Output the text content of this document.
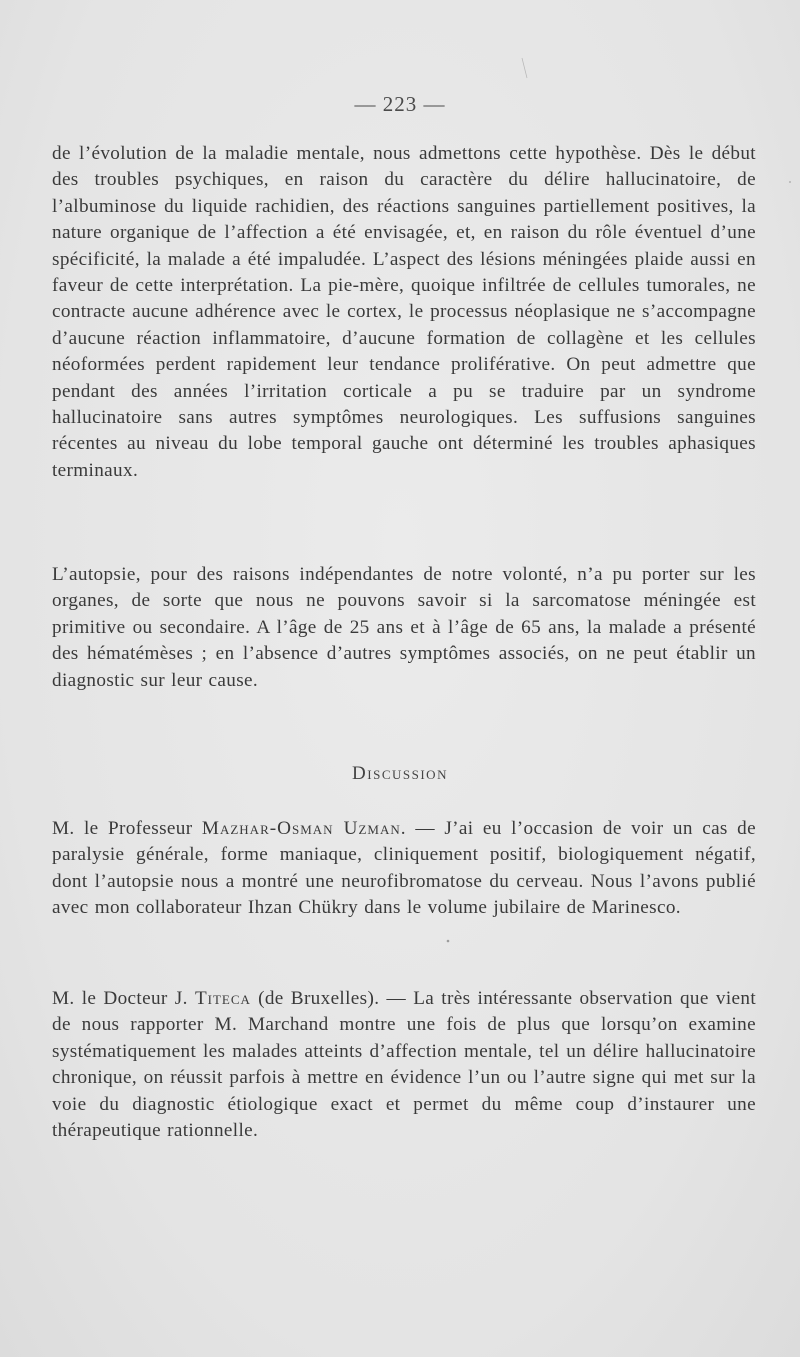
— 223 —

de l’évolution de la maladie mentale, nous admettons cette hypothèse. Dès le début des troubles psychiques, en raison du caractère du délire hallucinatoire, de l’albuminose du liquide rachidien, des réactions sanguines partiellement positives, la nature organique de l’affection a été envisagée, et, en raison du rôle éventuel d’une spécificité, la malade a été impaludée. L’aspect des lésions méningées plaide aussi en faveur de cette interprétation. La pie-mère, quoique infiltrée de cellules tumorales, ne contracte aucune adhérence avec le cortex, le processus néoplasique ne s’accompagne d’aucune réaction inflammatoire, d’aucune formation de collagène et les cellules néoformées perdent rapidement leur tendance proliférative. On peut admettre que pendant des années l’irritation corticale a pu se traduire par un syndrome hallucinatoire sans autres symptômes neurologiques. Les suffusions sanguines récentes au niveau du lobe temporal gauche ont déterminé les troubles aphasiques terminaux.

L’autopsie, pour des raisons indépendantes de notre volonté, n’a pu porter sur les organes, de sorte que nous ne pouvons savoir si la sarcomatose méningée est primitive ou secondaire. A l’âge de 25 ans et à l’âge de 65 ans, la malade a présenté des hématémèses ; en l’absence d’autres symptômes associés, on ne peut établir un diagnostic sur leur cause.

Discussion

M. le Professeur Mazhar-Osman Uzman. — J’ai eu l’occasion de voir un cas de paralysie générale, forme maniaque, cliniquement positif, biologiquement négatif, dont l’autopsie nous a montré une neurofibromatose du cerveau. Nous l’avons publié avec mon collaborateur Ihzan Chükry dans le volume jubilaire de Marinesco.

M. le Docteur J. Titeca (de Bruxelles). — La très intéressante observation que vient de nous rapporter M. Marchand montre une fois de plus que lorsqu’on examine systématiquement les malades atteints d’affection mentale, tel un délire hallucinatoire chronique, on réussit parfois à mettre en évidence l’un ou l’autre signe qui met sur la voie du diagnostic étiologique exact et permet du même coup d’instaurer une thérapeutique rationnelle.
